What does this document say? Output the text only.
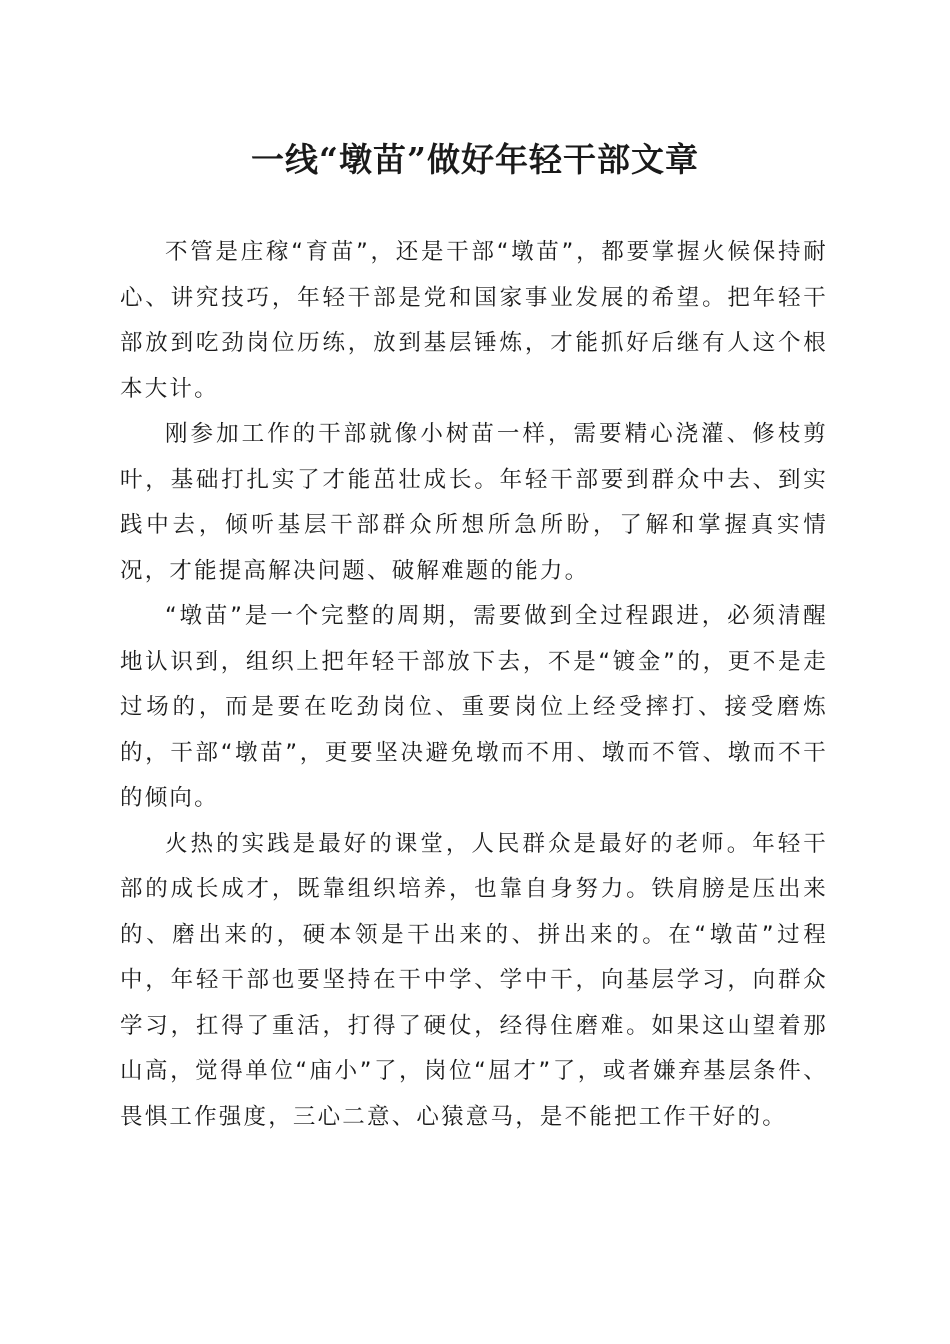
一线“墩苗”做好年轻干部文章

不管是庄稼“育苗”，还是干部“墩苗”，都要掌握火候保持耐心、讲究技巧，年轻干部是党和国家事业发展的希望。把年轻干部放到吃劲岗位历练，放到基层锤炼，才能抓好后继有人这个根本大计。

刚参加工作的干部就像小树苗一样，需要精心浇灌、修枝剪叶，基础打扎实了才能茁壮成长。年轻干部要到群众中去、到实践中去，倾听基层干部群众所想所急所盼，了解和掌握真实情况，才能提高解决问题、破解难题的能力。

“墩苗”是一个完整的周期，需要做到全过程跟进，必须清醒地认识到，组织上把年轻干部放下去，不是“镀金”的，更不是走过场的，而是要在吃劲岗位、重要岗位上经受摔打、接受磨炼的，干部“墩苗”，更要坚决避免墩而不用、墩而不管、墩而不干的倾向。

火热的实践是最好的课堂，人民群众是最好的老师。年轻干部的成长成才，既靠组织培养，也靠自身努力。铁肩膀是压出来的、磨出来的，硬本领是干出来的、拼出来的。在“墩苗”过程中，年轻干部也要坚持在干中学、学中干，向基层学习，向群众学习，扛得了重活，打得了硬仗，经得住磨难。如果这山望着那山高，觉得单位“庙小”了，岗位“屈才”了，或者嫌弃基层条件、畏惧工作强度，三心二意、心猿意马，是不能把工作干好的。
